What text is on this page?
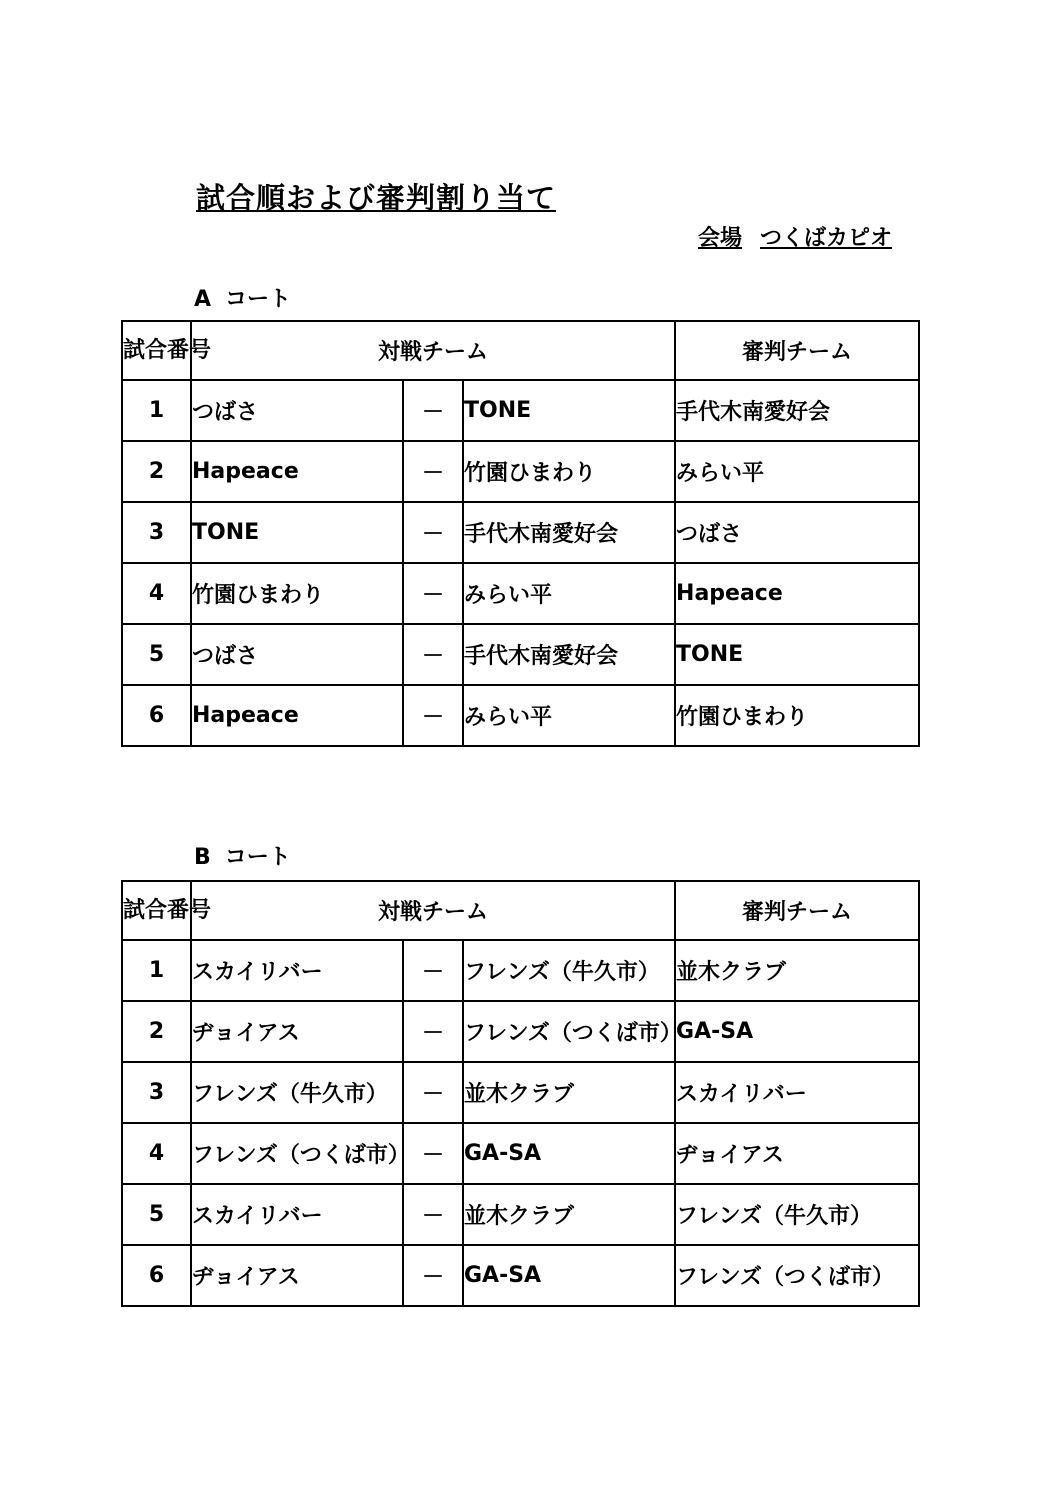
試合順および審判割り当て
会場 つくばカピオ
A コート
試合番号	対戦チーム			審判チーム
1	つばさ	－	TONE	手代木南愛好会
2	Hapeace	－	竹園ひまわり	みらい平
3	TONE	－	手代木南愛好会	つばさ
4	竹園ひまわり	－	みらい平	Hapeace
5	つばさ	－	手代木南愛好会	TONE
6	Hapeace	－	みらい平	竹園ひまわり
B コート
試合番号	対戦チーム			審判チーム
1	スカイリバー	－	フレンズ（牛久市）	並木クラブ
2	ヂョイアス	－	フレンズ（つくば市）	GA-SA
3	フレンズ（牛久市）	－	並木クラブ	スカイリバー
4	フレンズ（つくば市）	－	GA-SA	ヂョイアス
5	スカイリバー	－	並木クラブ	フレンズ（牛久市）
6	ヂョイアス	－	GA-SA	フレンズ（つくば市）
